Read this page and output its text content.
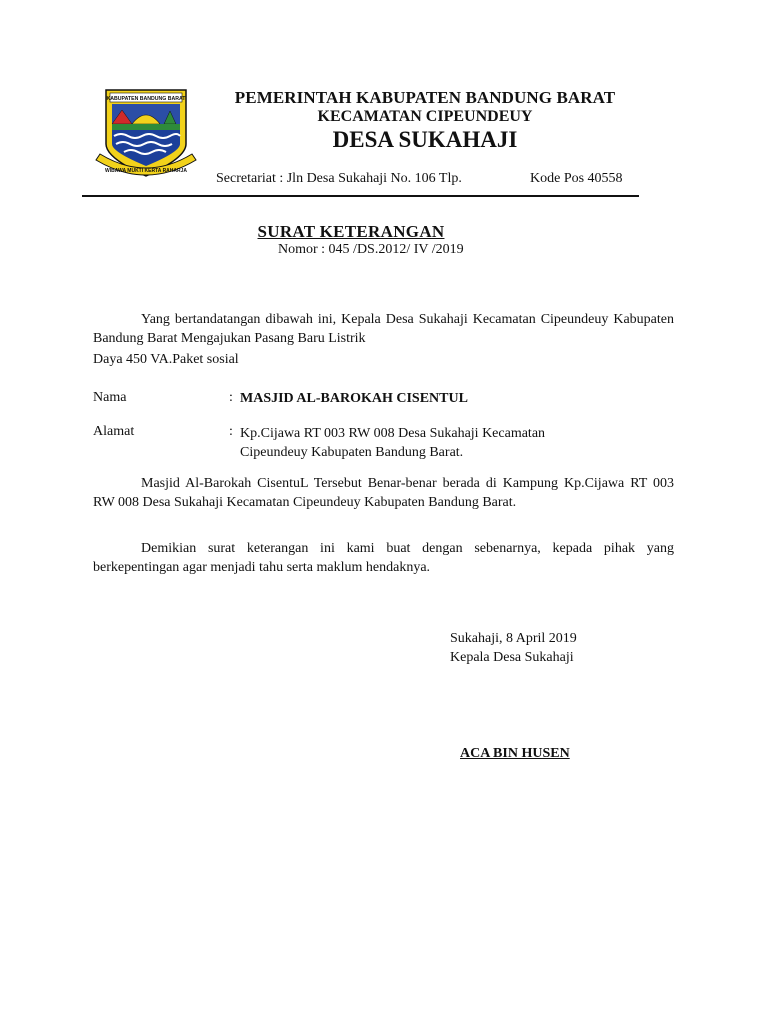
KABUPATEN BANDUNG BARAT
WIBAWA MUKTI KERTA RAHARJA
PEMERINTAH KABUPATEN BANDUNG BARAT
KECAMATAN CIPEUNDEUY
DESA SUKAHAJI
Secretariat : Jln Desa Sukahaji No. 106 Tlp.	Kode Pos 40558
SURAT KETERANGAN
Nomor : 045 /DS.2012/ IV /2019
Yang bertandatangan dibawah ini, Kepala Desa Sukahaji Kecamatan Cipeundeuy Kabupaten Bandung Barat Mengajukan Pasang Baru Listrik
Daya 450 VA.Paket sosial
Nama	: MASJID AL-BAROKAH CISENTUL
Alamat	: Kp.Cijawa RT 003 RW 008 Desa Sukahaji Kecamatan
Cipeundeuy Kabupaten Bandung Barat.
Masjid Al-Barokah CisentuL Tersebut Benar-benar berada di Kampung Kp.Cijawa RT 003 RW 008 Desa Sukahaji Kecamatan Cipeundeuy Kabupaten Bandung Barat.
Demikian surat keterangan ini kami buat dengan sebenarnya, kepada pihak yang berkepentingan agar menjadi tahu serta maklum hendaknya.
Sukahaji, 8 April 2019
Kepala Desa Sukahaji
ACA BIN HUSEN
